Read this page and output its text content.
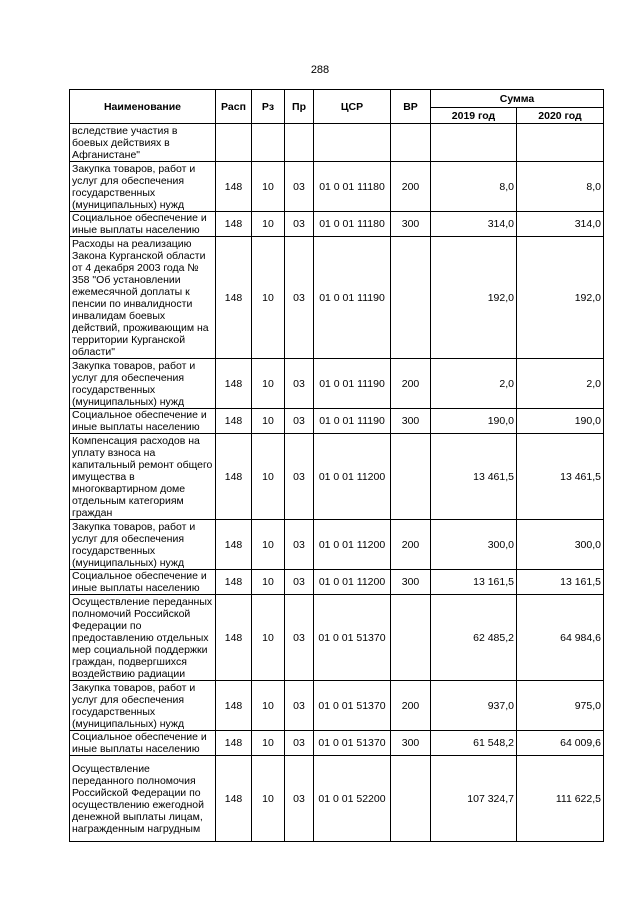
288
Наименование	Расп	Рз	Пр	ЦСР	ВР	Сумма	
						2019 год	2020 год
вследствие участия в боевых действиях в Афганистане"							
Закупка товаров, работ и услуг для обеспечения государственных (муниципальных) нужд	148	10	03	01 0 01 11180	200	8,0	8,0
Социальное обеспечение и иные выплаты населению	148	10	03	01 0 01 11180	300	314,0	314,0
Расходы на реализацию Закона Курганской области от 4 декабря 2003 года № 358 "Об установлении ежемесячной доплаты к пенсии по инвалидности инвалидам боевых действий, проживающим на территории Курганской области"	148	10	03	01 0 01 11190		192,0	192,0
Закупка товаров, работ и услуг для обеспечения государственных (муниципальных) нужд	148	10	03	01 0 01 11190	200	2,0	2,0
Социальное обеспечение и иные выплаты населению	148	10	03	01 0 01 11190	300	190,0	190,0
Компенсация расходов на уплату взноса на капитальный ремонт общего имущества в многоквартирном доме отдельным категориям граждан	148	10	03	01 0 01 11200		13 461,5	13 461,5
Закупка товаров, работ и услуг для обеспечения государственных (муниципальных) нужд	148	10	03	01 0 01 11200	200	300,0	300,0
Социальное обеспечение и иные выплаты населению	148	10	03	01 0 01 11200	300	13 161,5	13 161,5
Осуществление переданных полномочий Российской Федерации по предоставлению отдельных мер социальной поддержки граждан, подвергшихся воздействию радиации	148	10	03	01 0 01 51370		62 485,2	64 984,6
Закупка товаров, работ и услуг для обеспечения государственных (муниципальных) нужд	148	10	03	01 0 01 51370	200	937,0	975,0
Социальное обеспечение и иные выплаты населению	148	10	03	01 0 01 51370	300	61 548,2	64 009,6
Осуществление переданного полномочия Российской Федерации по осуществлению ежегодной денежной выплаты лицам, награжденным нагрудным	148	10	03	01 0 01 52200		107 324,7	111 622,5
